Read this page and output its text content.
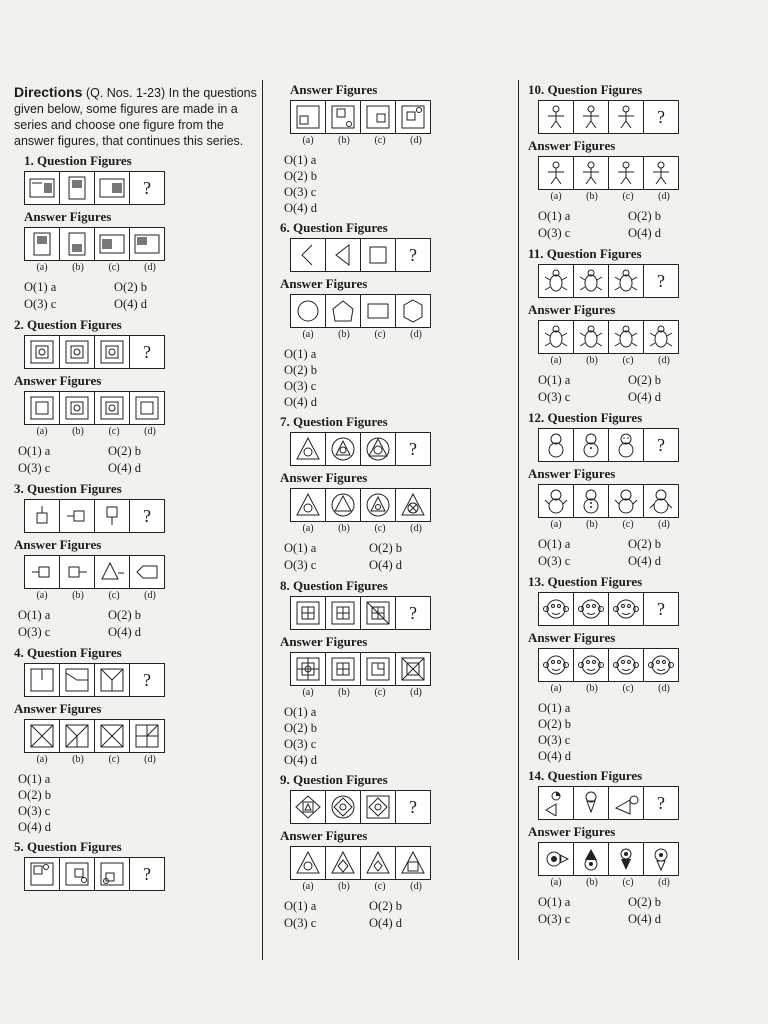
Directions (Q. Nos. 1-23) In the questions given below, some figures are made in a series and choose one figure from the answer figures, that continues this series.
1. Question Figures
?
Answer Figures
(a)	(b)	(c)	(d)
O(1) a	O(2) b
O(3) c	O(4) d
2. Question Figures
?
Answer Figures
(a)	(b)	(c)	(d)
O(1) a	O(2) b
O(3) c	O(4) d
3. Question Figures
?
Answer Figures
(a)	(b)	(c)	(d)
O(1) a	O(2) b
O(3) c	O(4) d
4. Question Figures
?
Answer Figures
(a)	(b)	(c)	(d)
O(1) a
O(2) b
O(3) c
O(4) d
5. Question Figures
?
Answer Figures
(a)	(b)	(c)	(d)
O(1) a
O(2) b
O(3) c
O(4) d
6. Question Figures
?
Answer Figures
(a)	(b)	(c)	(d)
O(1) a
O(2) b
O(3) c
O(4) d
7. Question Figures
?
Answer Figures
(a)	(b)	(c)	(d)
O(1) a	O(2) b
O(3) c	O(4) d
8. Question Figures
?
Answer Figures
(a)	(b)	(c)	(d)
O(1) a
O(2) b
O(3) c
O(4) d
9. Question Figures
?
Answer Figures
(a)	(b)	(c)	(d)
O(1) a	O(2) b
O(3) c	O(4) d
10. Question Figures
?
Answer Figures
(a)	(b)	(c)	(d)
O(1) a	O(2) b
O(3) c	O(4) d
11. Question Figures
?
Answer Figures
(a)	(b)	(c)	(d)
O(1) a	O(2) b
O(3) c	O(4) d
12. Question Figures
?
Answer Figures
(a)	(b)	(c)	(d)
O(1) a	O(2) b
O(3) c	O(4) d
13. Question Figures
?
Answer Figures
(a)	(b)	(c)	(d)
O(1) a
O(2) b
O(3) c
O(4) d
14. Question Figures
?
Answer Figures
(a)	(b)	(c)	(d)
O(1) a	O(2) b
O(3) c	O(4) d
